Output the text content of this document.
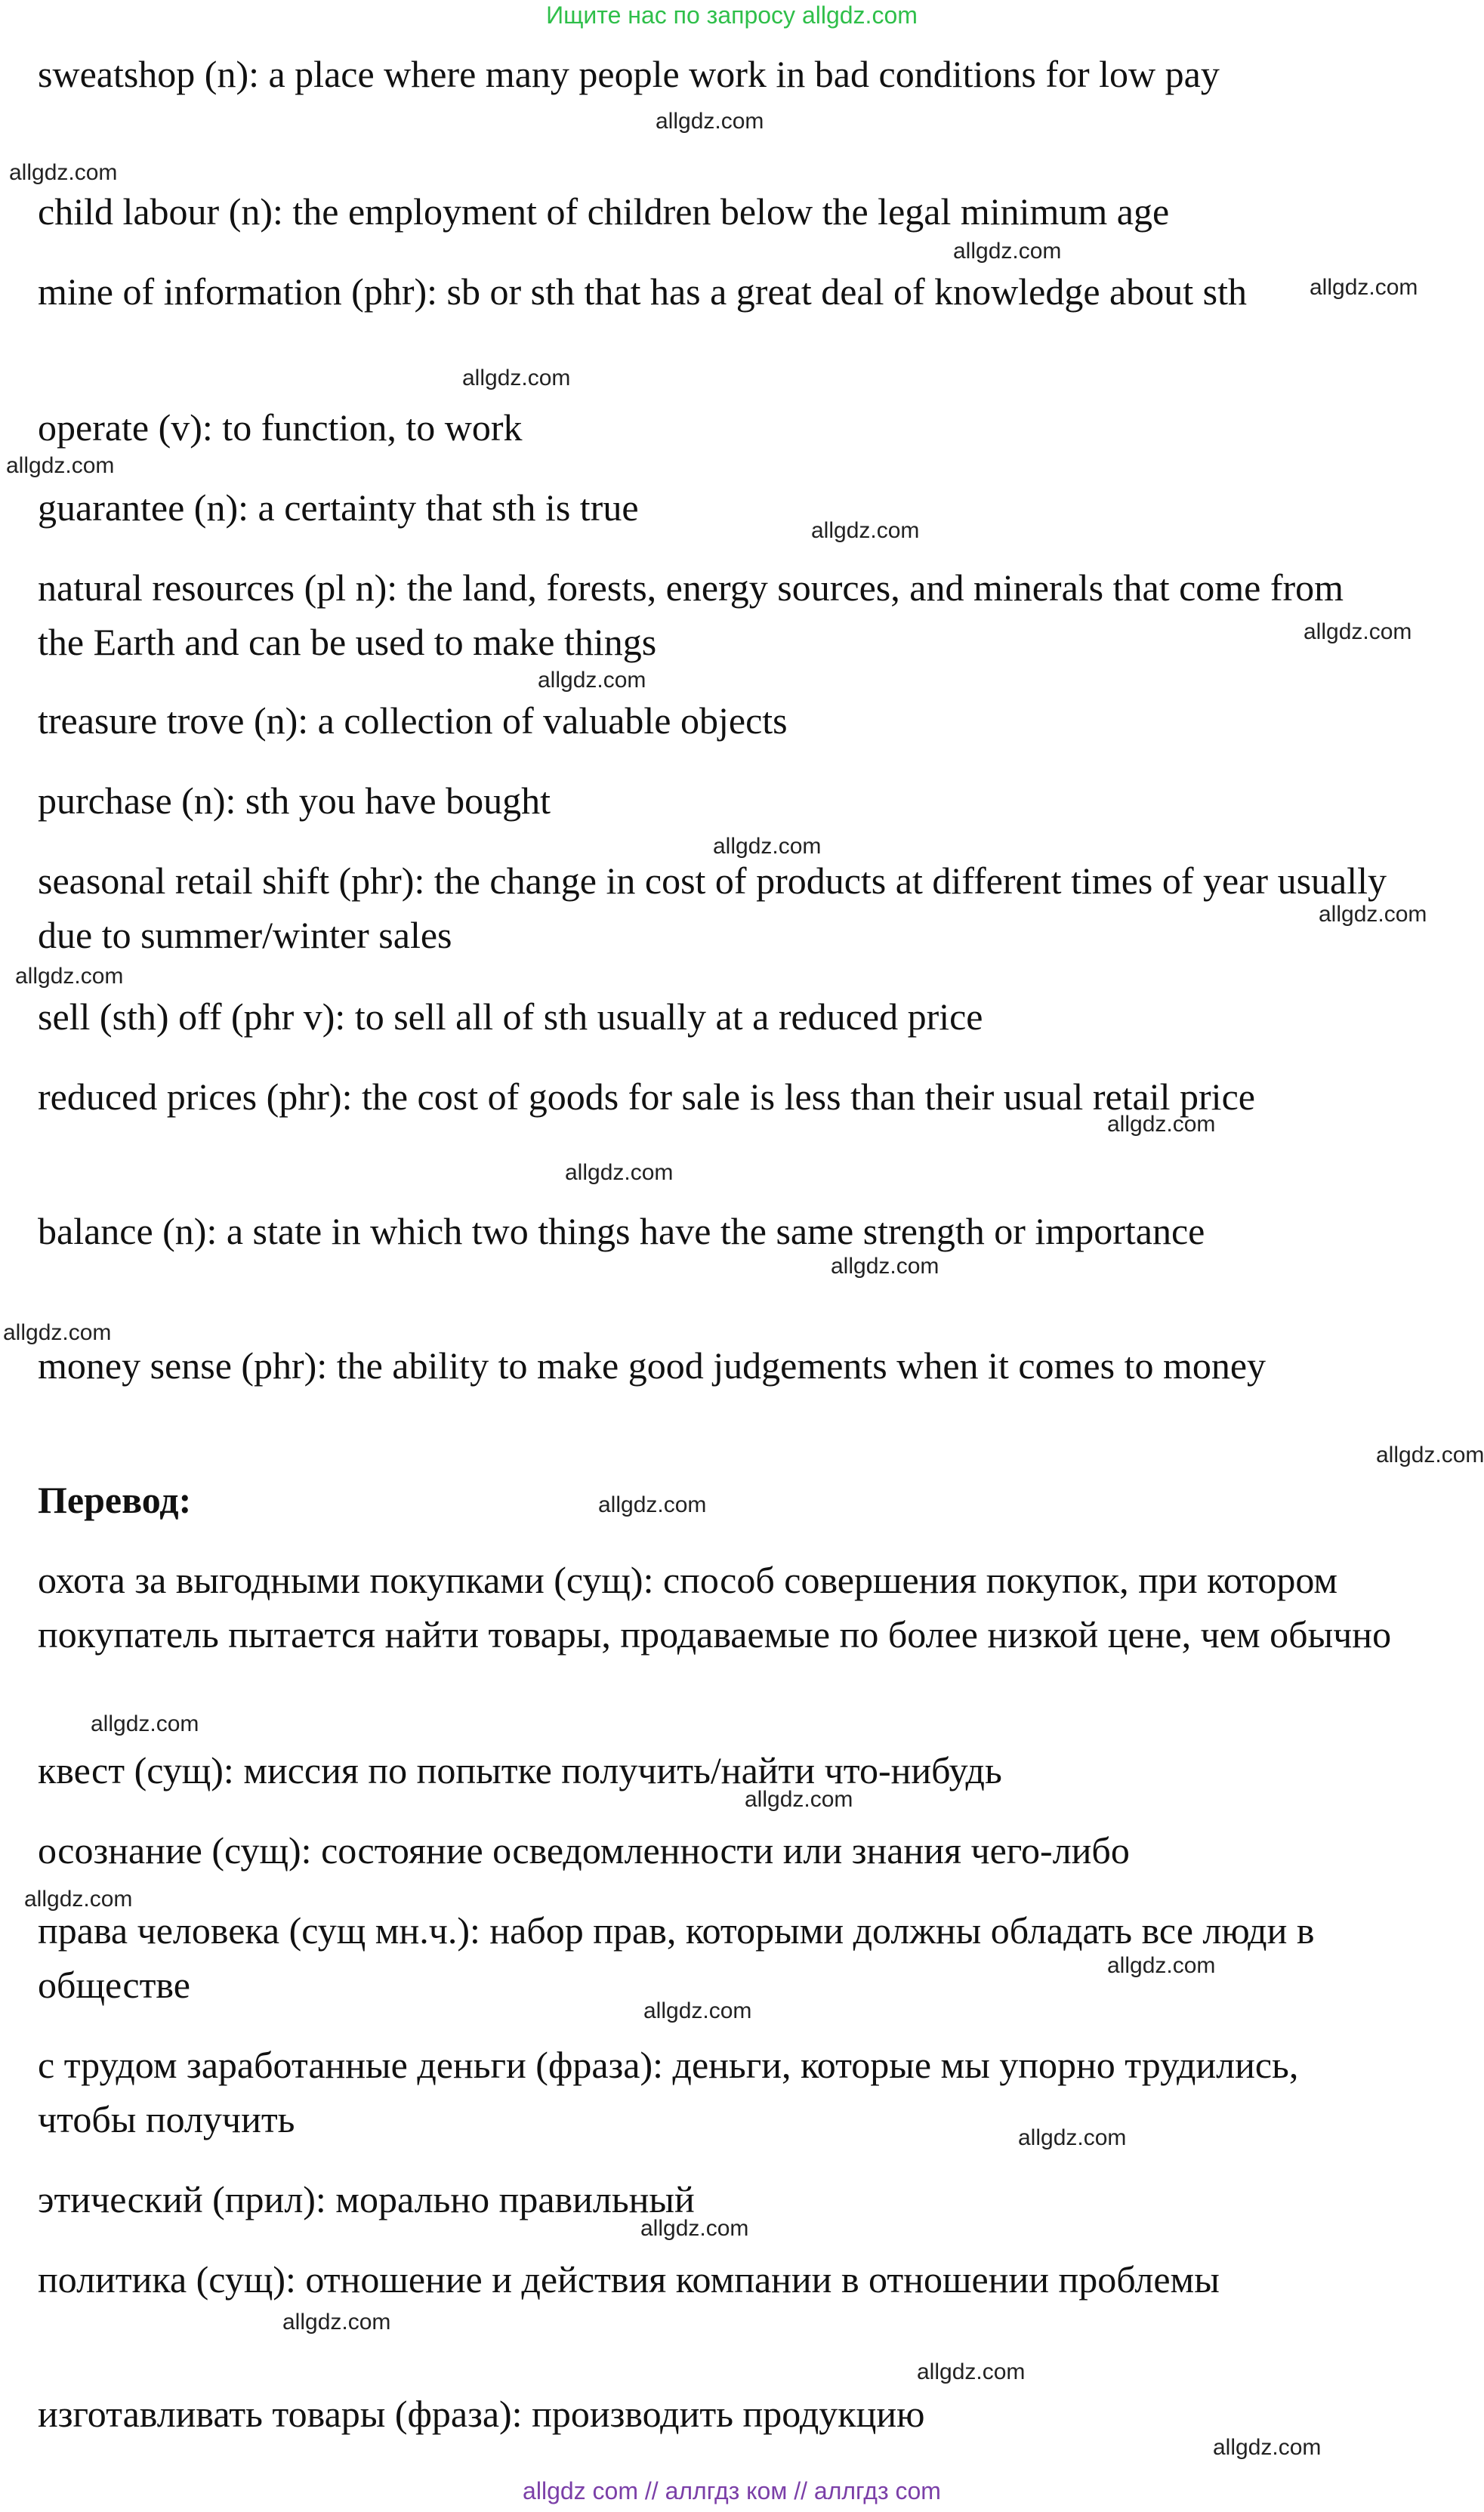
Ищите нас по запросу allgdz.com
sweatshop (n): a place where many people work in bad conditions for low pay
child labour (n): the employment of children below the legal minimum age
mine of information (phr): sb or sth that has a great deal of knowledge about sth
operate (v): to function, to work
guarantee (n): a certainty that sth is true
natural resources (pl n): the land, forests, energy sources, and minerals that come from the Earth and can be used to make things
treasure trove (n): a collection of valuable objects
purchase (n): sth you have bought
seasonal retail shift (phr): the change in cost of products at different times of year usually due to summer/winter sales
sell (sth) off (phr v): to sell all of sth usually at a reduced price
reduced prices (phr): the cost of goods for sale is less than their usual retail price
balance (n): a state in which two things have the same strength or importance
money sense (phr): the ability to make good judgements when it comes to money
Перевод:
охота за выгодными покупками (сущ): способ совершения покупок, при котором покупатель пытается найти товары, продаваемые по более низкой цене, чем обычно
квест (сущ): миссия по попытке получить/найти что-нибудь
осознание (сущ): состояние осведомленности или знания чего-либо
права человека (сущ мн.ч.): набор прав, которыми должны обладать все люди в обществе
с трудом заработанные деньги (фраза): деньги, которые мы упорно трудились, чтобы получить
этический (прил): морально правильный
политика (сущ): отношение и действия компании в отношении проблемы
изготавливать товары (фраза): производить продукцию
allgdz.com
allgdz.com
allgdz.com
allgdz.com
allgdz.com
allgdz.com
allgdz.com
allgdz.com
allgdz.com
allgdz.com
allgdz.com
allgdz.com
allgdz.com
allgdz.com
allgdz.com
allgdz.com
allgdz.com
allgdz.com
allgdz.com
allgdz.com
allgdz.com
allgdz.com
allgdz.com
allgdz.com
allgdz.com
allgdz.com
allgdz.com
allgdz.com
allgdz com // аллгдз ком // аллгдз com
